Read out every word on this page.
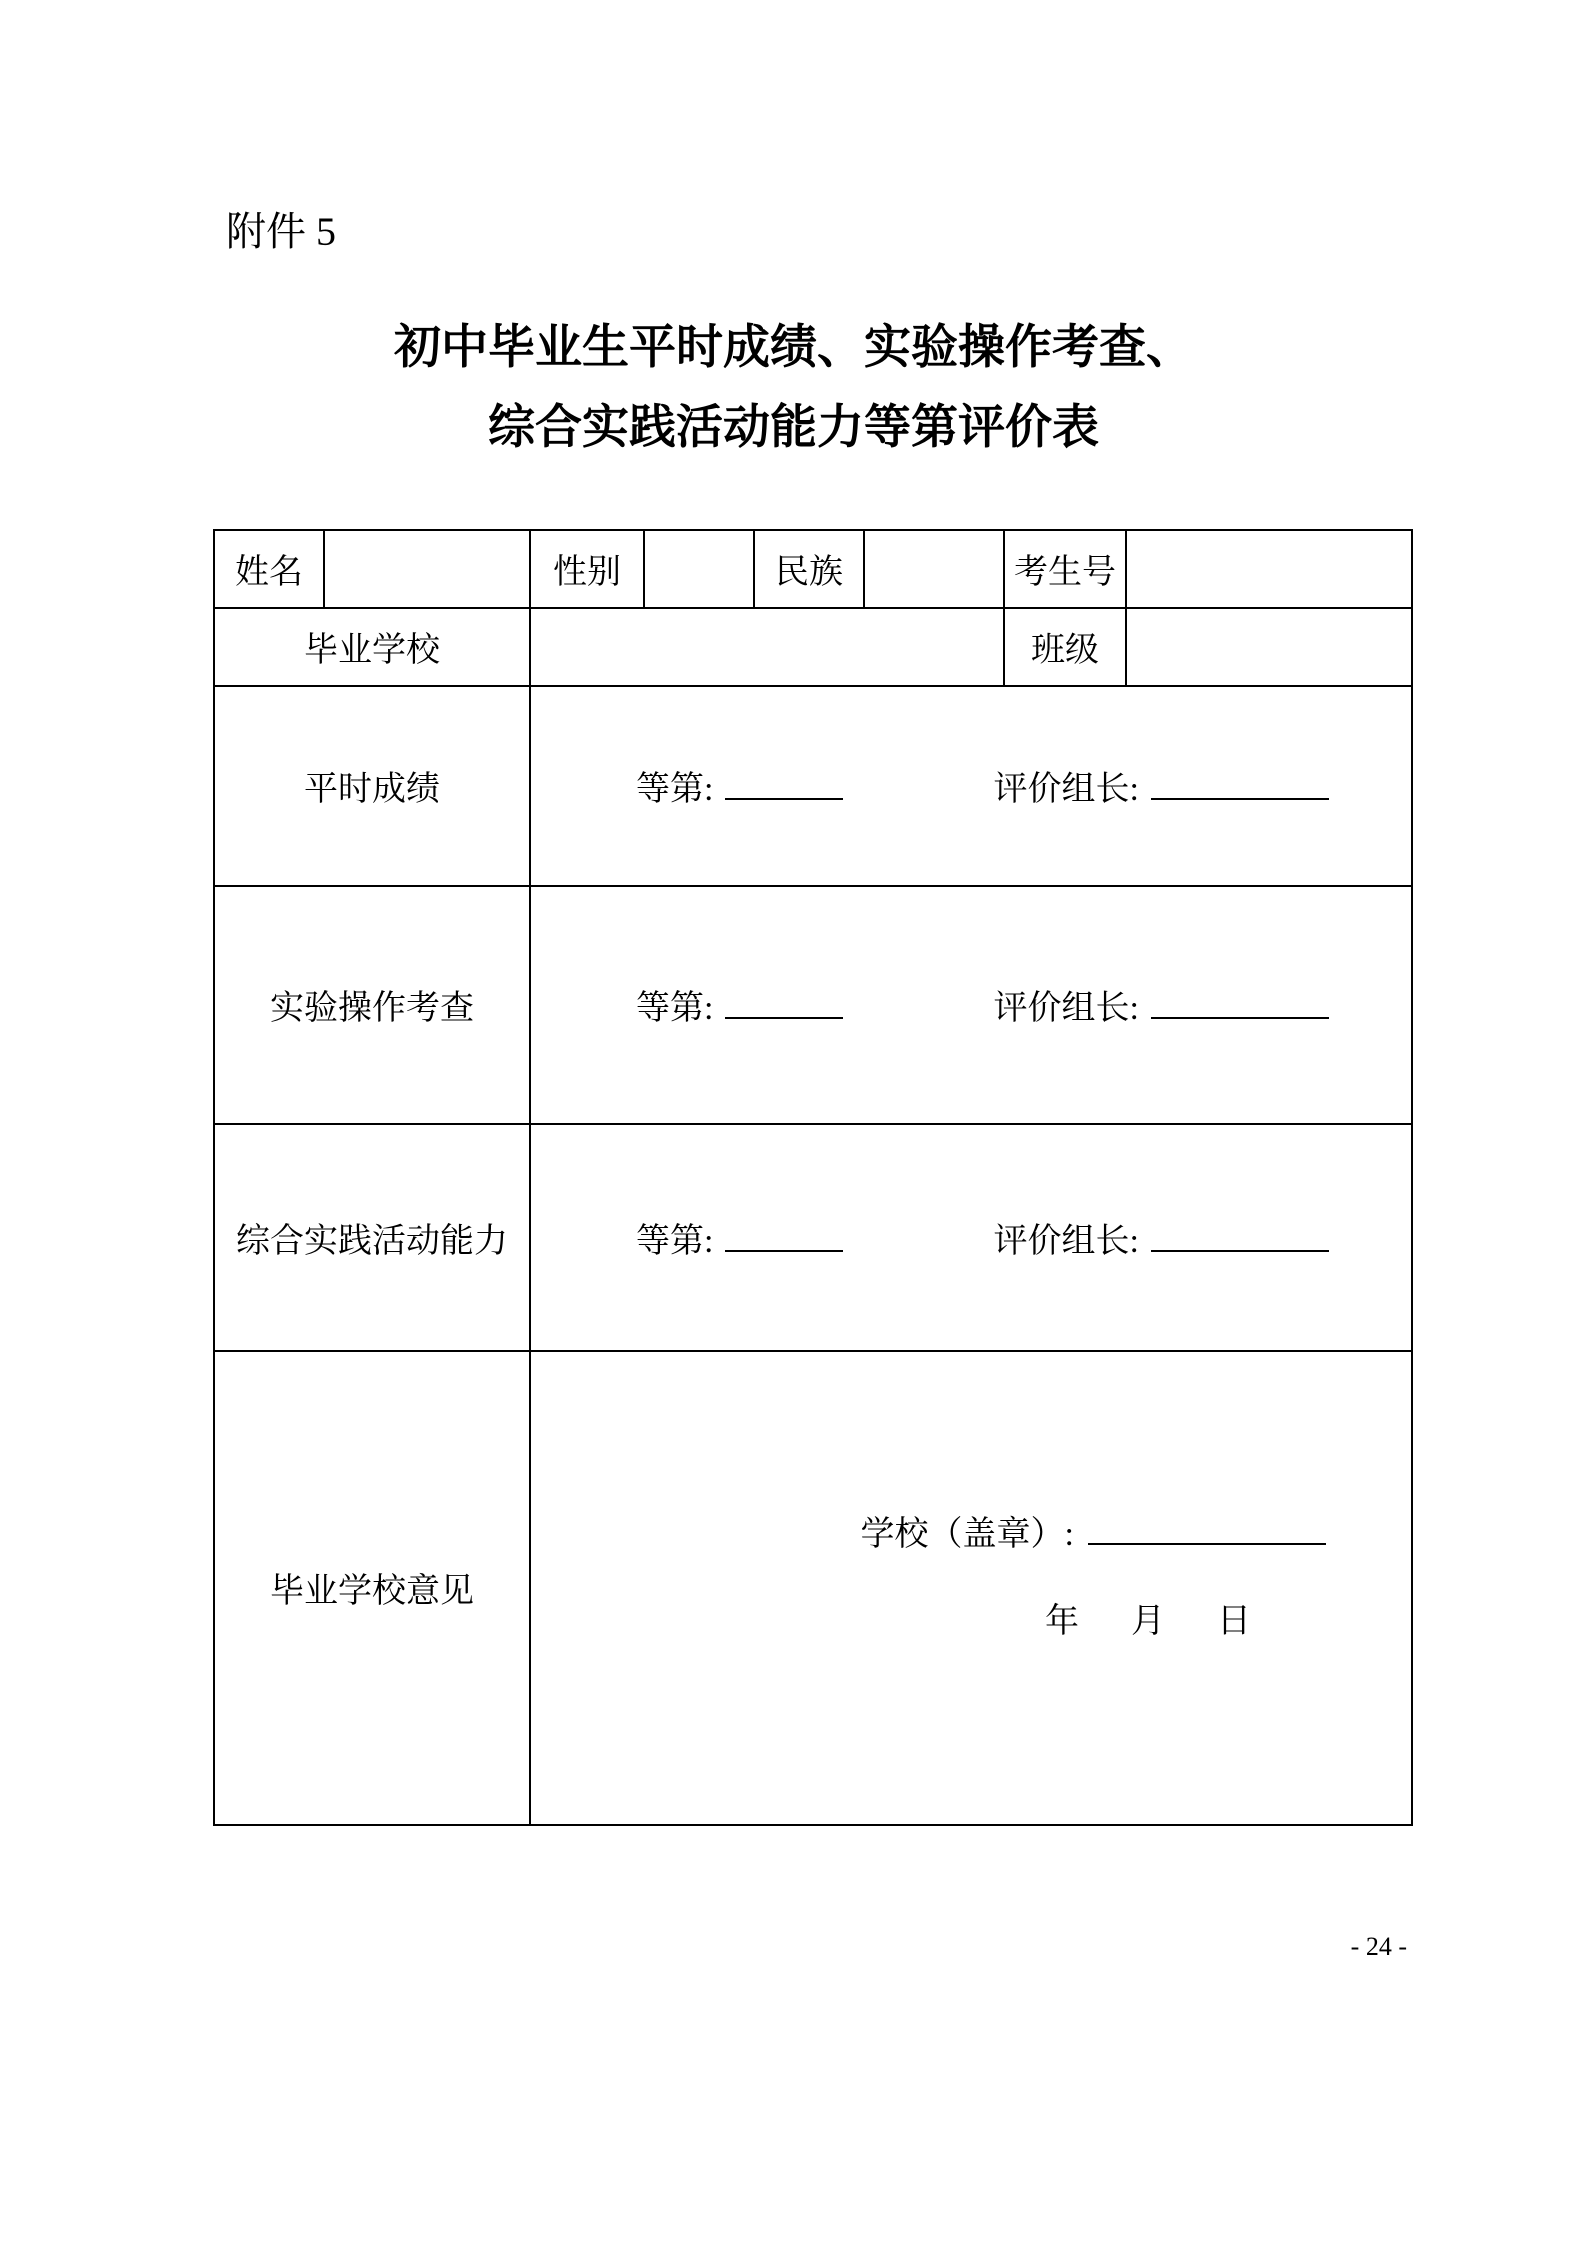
附件 5
初中毕业生平时成绩、实验操作考查、
综合实践活动能力等第评价表
姓名		性别		民族		考生号	
毕业学校						班级	
平时成绩		等第: 评价组长:					
实验操作考查		等第: 评价组长:					
综合实践活动能力		等第: 评价组长:					
毕业学校意见		学校（盖章）:
年 月 日					
- 24 -
